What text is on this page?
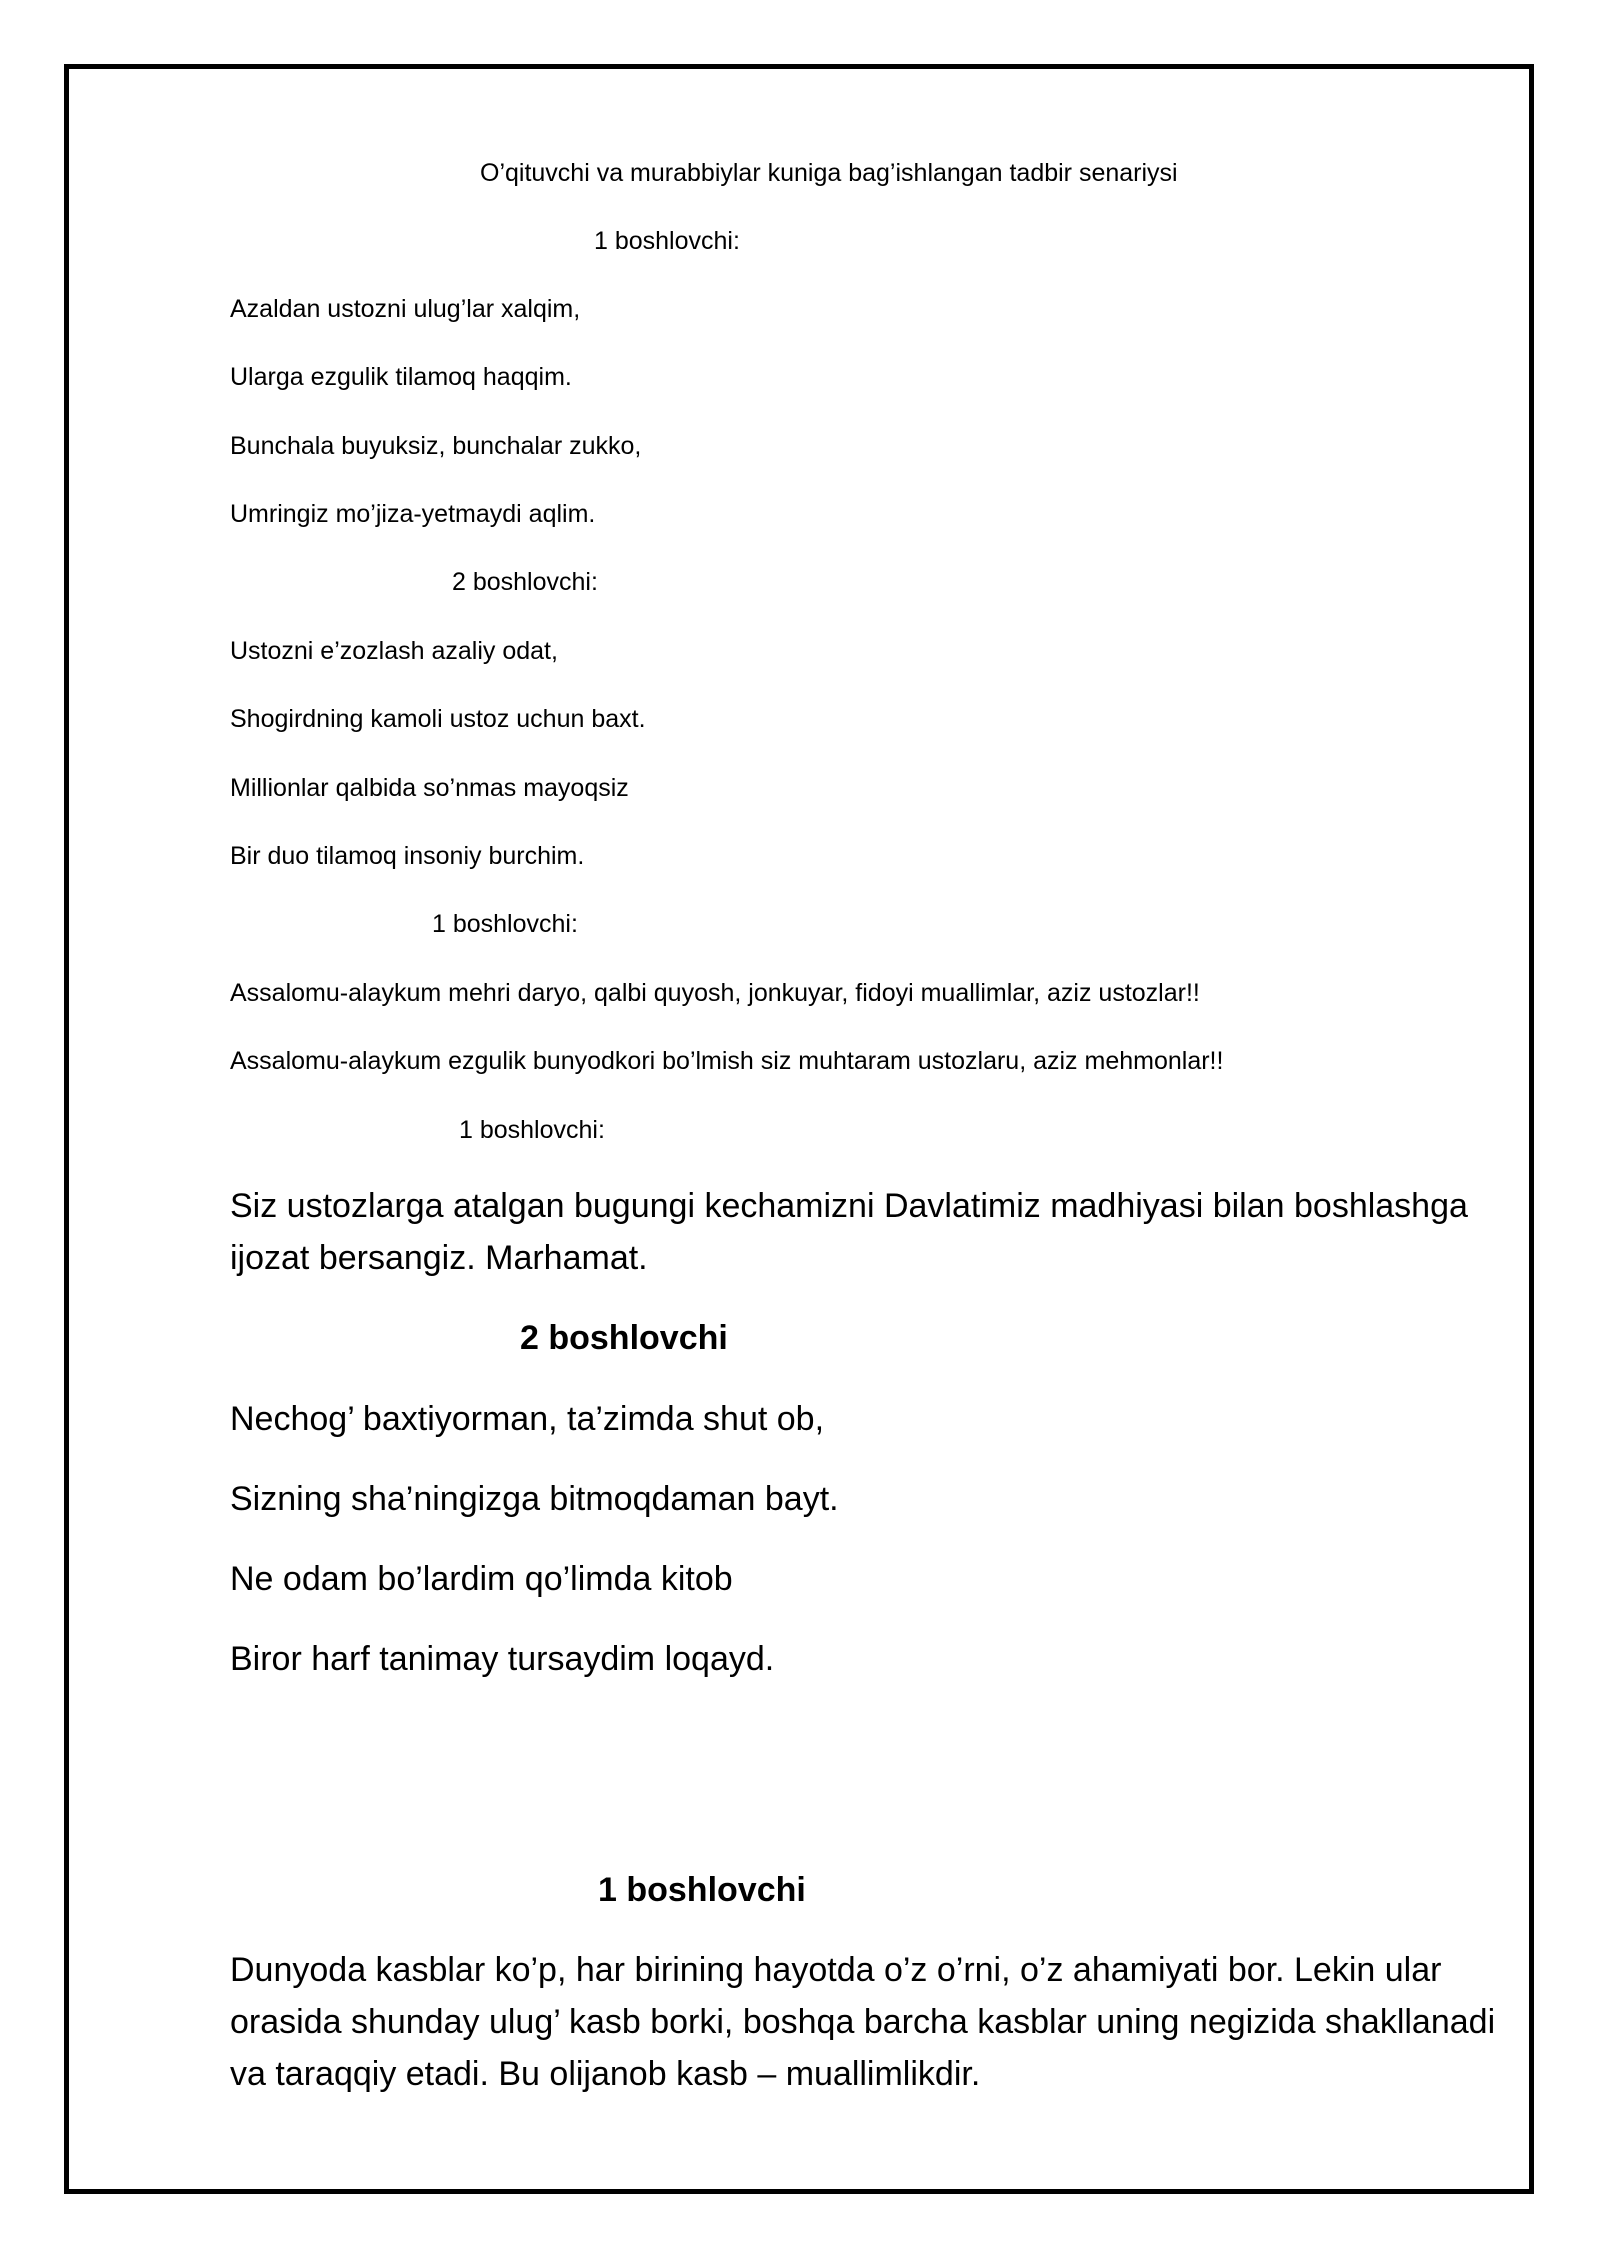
O’qituvchi va murabbiylar kuniga bag’ishlangan tadbir senariysi

1 boshlovchi:

Azaldan ustozni ulug’lar xalqim,

Ularga ezgulik tilamoq haqqim.

Bunchala buyuksiz, bunchalar zukko,

Umringiz mo’jiza-yetmaydi aqlim.

2 boshlovchi:

Ustozni e’zozlash azaliy odat,

Shogirdning kamoli ustoz uchun baxt.

Millionlar qalbida so’nmas mayoqsiz

Bir duo tilamoq insoniy burchim.

1 boshlovchi:

Assalomu-alaykum mehri daryo, qalbi quyosh, jonkuyar, fidoyi muallimlar, aziz ustozlar!!

Assalomu-alaykum ezgulik bunyodkori bo’lmish siz muhtaram ustozlaru, aziz mehmonlar!!

1 boshlovchi:

Siz ustozlarga atalgan bugungi kechamizni Davlatimiz madhiyasi bilan boshlashga ijozat bersangiz. Marhamat.

2 boshlovchi

Nechog’ baxtiyorman, ta’zimda shut ob,

Sizning sha’ningizga bitmoqdaman bayt.

Ne odam bo’lardim qo’limda kitob

Biror harf tanimay tursaydim loqayd.

1 boshlovchi

Dunyoda kasblar ko’p, har birining hayotda o’z o’rni, o’z ahamiyati bor. Lekin ular orasida shunday ulug’ kasb borki, boshqa barcha kasblar uning negizida shakllanadi va taraqqiy etadi. Bu olijanob kasb – muallimlikdir.
